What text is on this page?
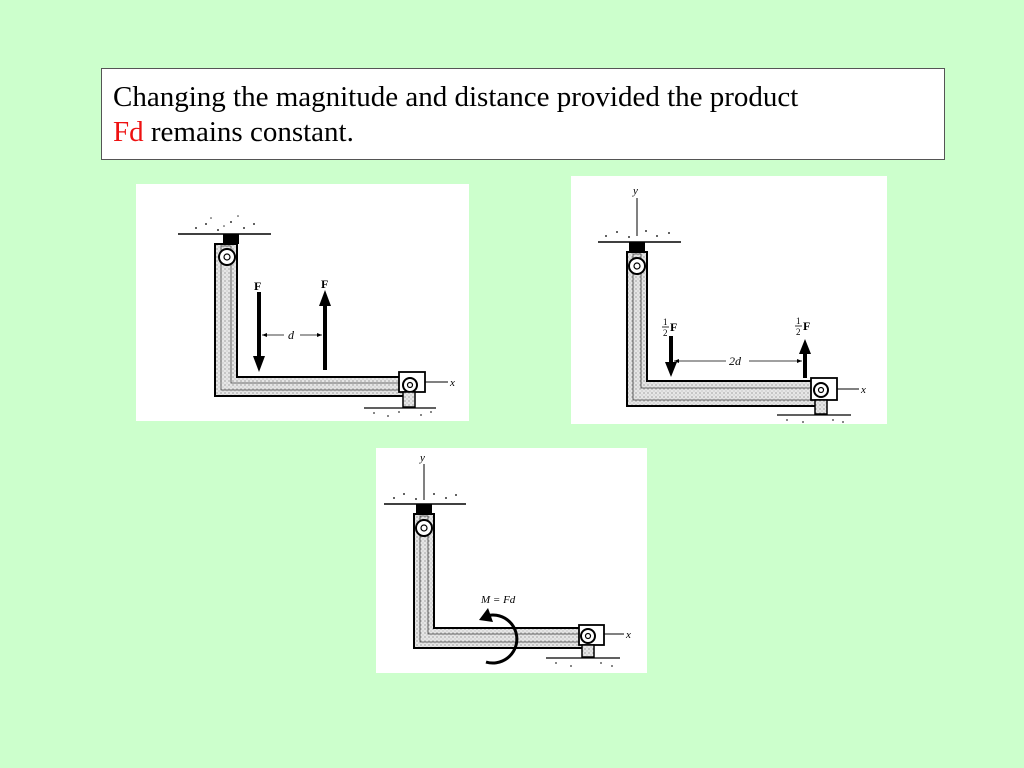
Changing the magnitude and distance provided the product
Fd remains constant.
x
F	F
d
y
x
1
2 F	1
2 F
2d
y
x
M = Fd
